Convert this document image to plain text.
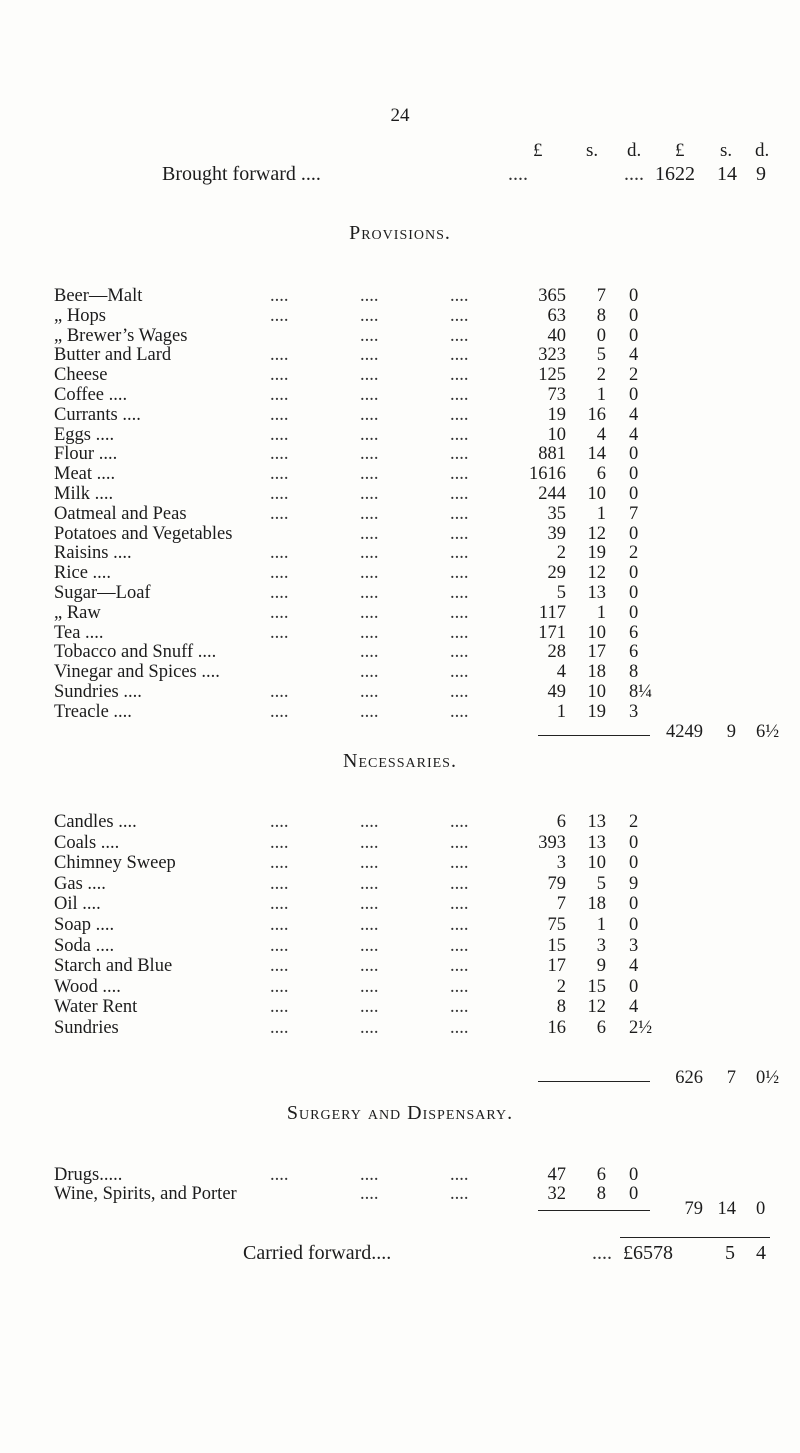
24
£ s. d. £ s. d.
Brought forward ....	....	.... 1622 14 9
Provisions.
Necessaries.
Surgery and Dispensary.
Beer—Malt	....	....	....	365	7 0
„ Hops	....	....	....	63	8 0
„ Brewer’s Wages	....	....	40	0 0
Butter and Lard	....	....	....	323	5 4
Cheese	....	....	....	125	2 2
Coffee ....	....	....	....	73	1 0
Currants ....	....	....	....	19	16 4
Eggs ....	....	....	....	10	4 4
Flour ....	....	....	....	881	14 0
Meat ....	....	....	....	1616	6 0
Milk ....	....	....	....	244	10 0
Oatmeal and Peas	....	....	....	35	1 7
Potatoes and Vegetables	....	....	39	12 0
Raisins ....	....	....	....	2	19 2
Rice ....	....	....	....	29	12 0
Sugar—Loaf	....	....	....	5	13 0
„ Raw	....	....	....	117	1 0
Tea ....	....	....	....	171	10 6
Tobacco and Snuff ....	....	....	28	17 6
Vinegar and Spices ....	....	....	4	18 8
Sundries ....	....	....	....	49	10 8¼
Treacle ....	....	....	....	1	19 3
4249	9 6½
Candles ....	....	....	....	6	13 2
Coals ....	....	....	....	393	13 0
Chimney Sweep	....	....	....	3	10 0
Gas ....	....	....	....	79	5 9
Oil ....	....	....	....	7	18 0
Soap ....	....	....	....	75	1 0
Soda ....	....	....	....	15	3 3
Starch and Blue	....	....	....	17	9 4
Wood ....	....	....	....	2	15 0
Water Rent	....	....	....	8	12 4
Sundries	....	....	....	16	6 2½
626	7 0½
Drugs.....	....	....	....	47	6 0
Wine, Spirits, and Porter	....	....	32	8 0
79 14 0
Carried forward....	.... £6578	5 4
